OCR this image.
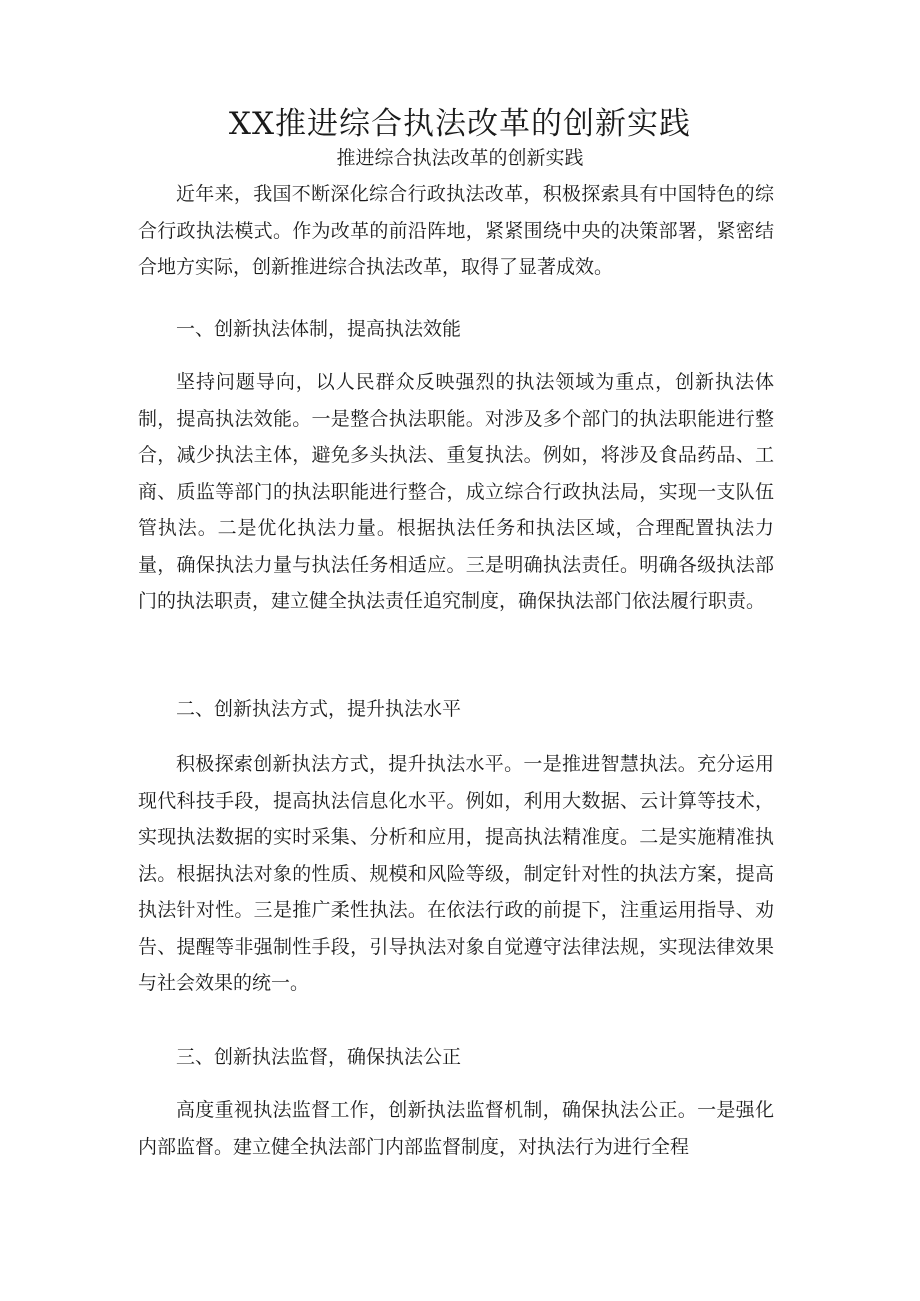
XX推进综合执法改革的创新实践
推进综合执法改革的创新实践

近年来，我国不断深化综合行政执法改革，积极探索具有中国特色的综合行政执法模式。作为改革的前沿阵地，紧紧围绕中央的决策部署，紧密结合地方实际，创新推进综合执法改革，取得了显著成效。

一、创新执法体制，提高执法效能

坚持问题导向，以人民群众反映强烈的执法领域为重点，创新执法体制，提高执法效能。一是整合执法职能。对涉及多个部门的执法职能进行整合，减少执法主体，避免多头执法、重复执法。例如，将涉及食品药品、工商、质监等部门的执法职能进行整合，成立综合行政执法局，实现一支队伍管执法。二是优化执法力量。根据执法任务和执法区域，合理配置执法力量，确保执法力量与执法任务相适应。三是明确执法责任。明确各级执法部门的执法职责，建立健全执法责任追究制度，确保执法部门依法履行职责。

二、创新执法方式，提升执法水平

积极探索创新执法方式，提升执法水平。一是推进智慧执法。充分运用现代科技手段，提高执法信息化水平。例如，利用大数据、云计算等技术，实现执法数据的实时采集、分析和应用，提高执法精准度。二是实施精准执法。根据执法对象的性质、规模和风险等级，制定针对性的执法方案，提高执法针对性。三是推广柔性执法。在依法行政的前提下，注重运用指导、劝告、提醒等非强制性手段，引导执法对象自觉遵守法律法规，实现法律效果与社会效果的统一。

三、创新执法监督，确保执法公正

高度重视执法监督工作，创新执法监督机制，确保执法公正。一是强化内部监督。建立健全执法部门内部监督制度，对执法行为进行全程
